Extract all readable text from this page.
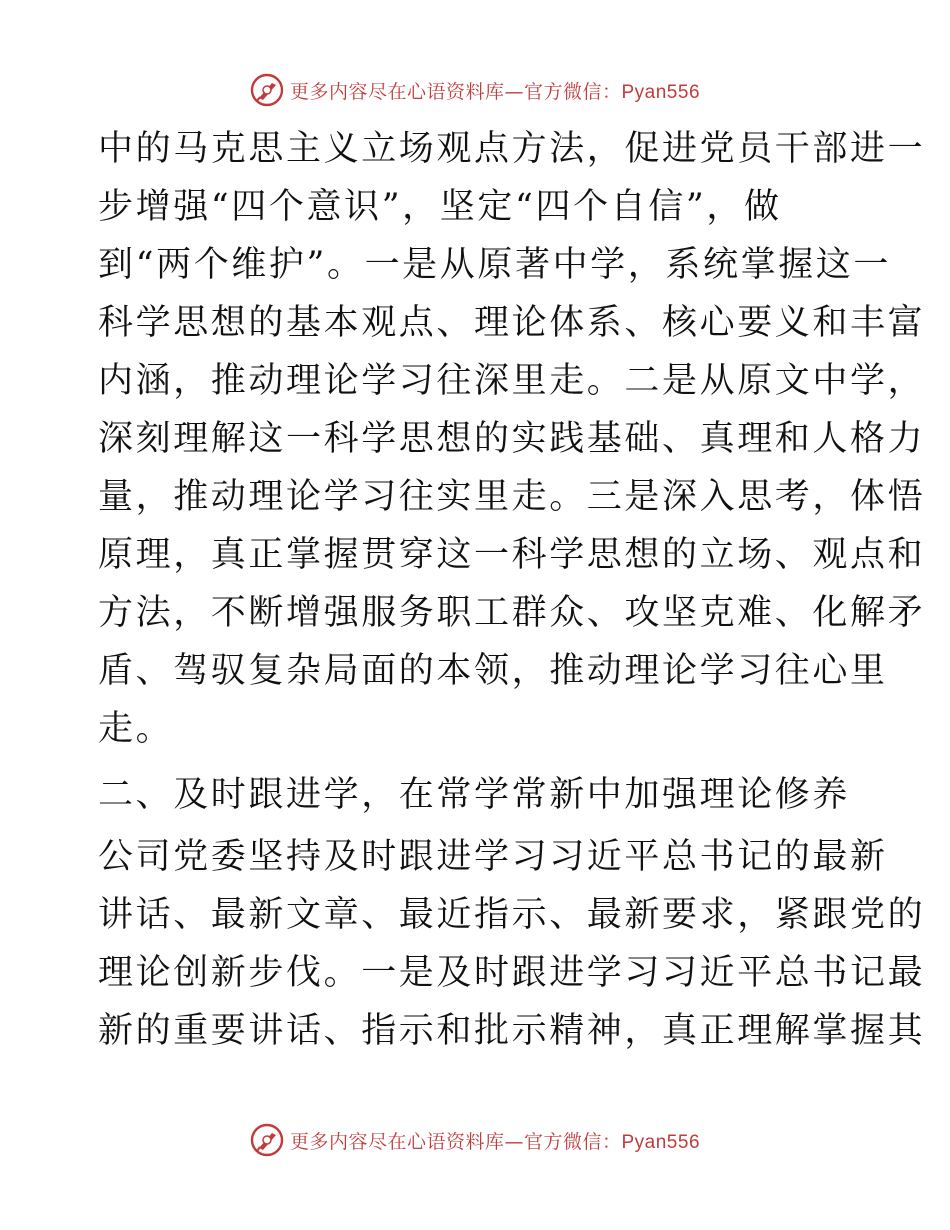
更多内容尽在心语资料库—官方微信：Pyan556
中的马克思主义立场观点方法，促进党员干部进一
步增强“四个意识”，坚定“四个自信”，做
到“两个维护”。一是从原著中学，系统掌握这一
科学思想的基本观点、理论体系、核心要义和丰富
内涵，推动理论学习往深里走。二是从原文中学，
深刻理解这一科学思想的实践基础、真理和人格力
量，推动理论学习往实里走。三是深入思考，体悟
原理，真正掌握贯穿这一科学思想的立场、观点和
方法，不断增强服务职工群众、攻坚克难、化解矛
盾、驾驭复杂局面的本领，推动理论学习往心里
走。
二、及时跟进学，在常学常新中加强理论修养
公司党委坚持及时跟进学习习近平总书记的最新
讲话、最新文章、最近指示、最新要求，紧跟党的
理论创新步伐。一是及时跟进学习习近平总书记最
新的重要讲话、指示和批示精神，真正理解掌握其
更多内容尽在心语资料库—官方微信：Pyan556
